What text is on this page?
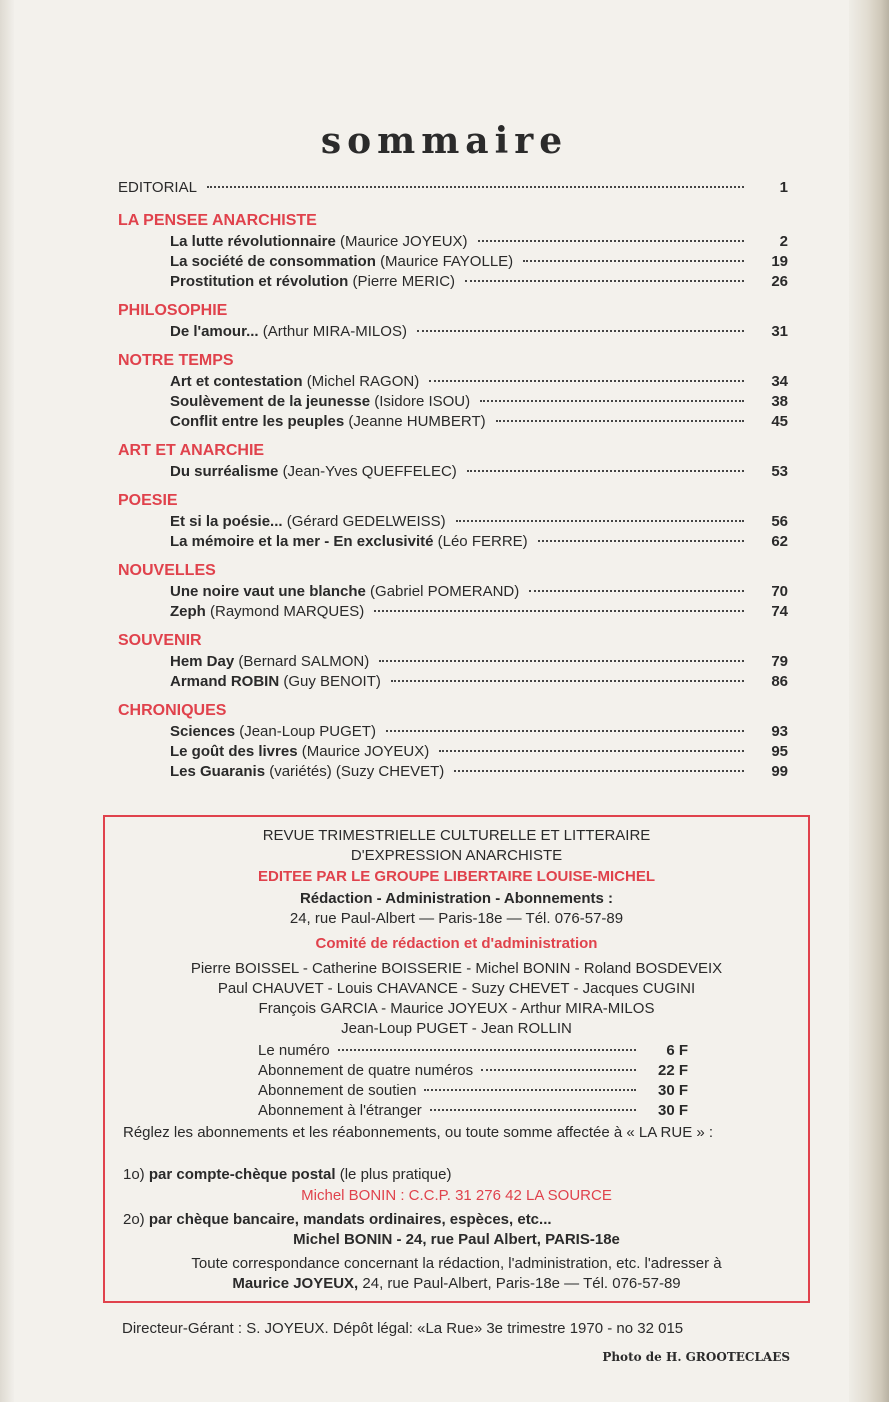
sommaire
EDITORIAL	1
LA PENSEE ANARCHISTE
La lutte révolutionnaire (Maurice JOYEUX)	2
La société de consommation (Maurice FAYOLLE)	19
Prostitution et révolution (Pierre MERIC)	26
PHILOSOPHIE
De l'amour... (Arthur MIRA-MILOS)	31
NOTRE TEMPS
Art et contestation (Michel RAGON)	34
Soulèvement de la jeunesse (Isidore ISOU)	38
Conflit entre les peuples (Jeanne HUMBERT)	45
ART ET ANARCHIE
Du surréalisme (Jean-Yves QUEFFELEC)	53
POESIE
Et si la poésie... (Gérard GEDELWEISS)	56
La mémoire et la mer - En exclusivité (Léo FERRE)	62
NOUVELLES
Une noire vaut une blanche (Gabriel POMERAND)	70
Zeph (Raymond MARQUES)	74
SOUVENIR
Hem Day (Bernard SALMON)	79
Armand ROBIN (Guy BENOIT)	86
CHRONIQUES
Sciences (Jean-Loup PUGET)	93
Le goût des livres (Maurice JOYEUX)	95
Les Guaranis (variétés) (Suzy CHEVET)	99
REVUE TRIMESTRIELLE CULTURELLE ET LITTERAIRE
D'EXPRESSION ANARCHISTE
EDITEE PAR LE GROUPE LIBERTAIRE LOUISE-MICHEL
Rédaction - Administration - Abonnements :
24, rue Paul-Albert — Paris-18e — Tél. 076-57-89
Comité de rédaction et d'administration
Pierre BOISSEL - Catherine BOISSERIE - Michel BONIN - Roland BOSDEVEIX
Paul CHAUVET - Louis CHAVANCE - Suzy CHEVET - Jacques CUGINI
François GARCIA - Maurice JOYEUX - Arthur MIRA-MILOS
Jean-Loup PUGET - Jean ROLLIN
Le numéro	6 F
Abonnement de quatre numéros	22 F
Abonnement de soutien	30 F
Abonnement à l'étranger	30 F
Réglez les abonnements et les réabonnements, ou toute somme affectée à « LA RUE » :
1o) par compte-chèque postal (le plus pratique)
Michel BONIN : C.C.P. 31 276 42 LA SOURCE
2o) par chèque bancaire, mandats ordinaires, espèces, etc...
Michel BONIN - 24, rue Paul Albert, PARIS-18e
Toute correspondance concernant la rédaction, l'administration, etc. l'adresser à
Maurice JOYEUX, 24, rue Paul-Albert, Paris-18e — Tél. 076-57-89
Directeur-Gérant : S. JOYEUX. Dépôt légal: «La Rue» 3e trimestre 1970 - no 32 015
Photo de H. GROOTECLAES
